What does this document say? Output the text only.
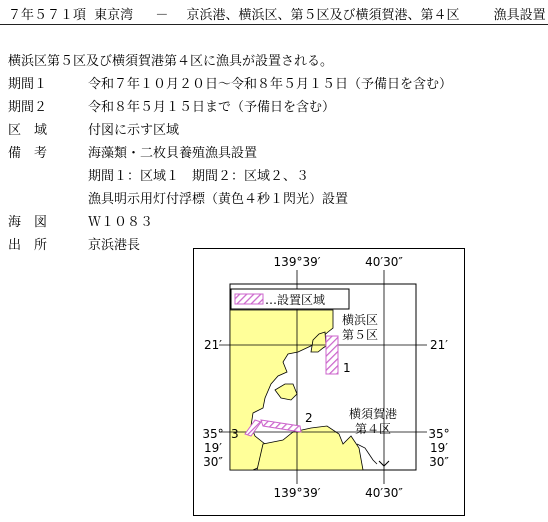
７年５７１項 東京湾 － 京浜港、横浜区、第５区及び横須賀港、第４区	漁具設置
横浜区第５区及び横須賀港第４区に漁具が設置される。
期間１	令和７年１０月２０日～令和８年５月１５日（予備日を含む）
期間２	令和８年５月１５日まで（予備日を含む）
区　域	付図に示す区域
備　考	海藻類・二枚貝養殖漁具設置
期間１：区域１　期間２：区域２、３
漁具明示用灯付浮標（黄色４秒１閃光）設置
海　図	Ｗ１０８３
出　所	京浜港長
…設置区域
139°39′	40′30″
139°39′	40′30″
21′	21′
35°
19′
30″
35°
19′
30″
横浜区
第５区
横須賀港
第４区
1
2
3
